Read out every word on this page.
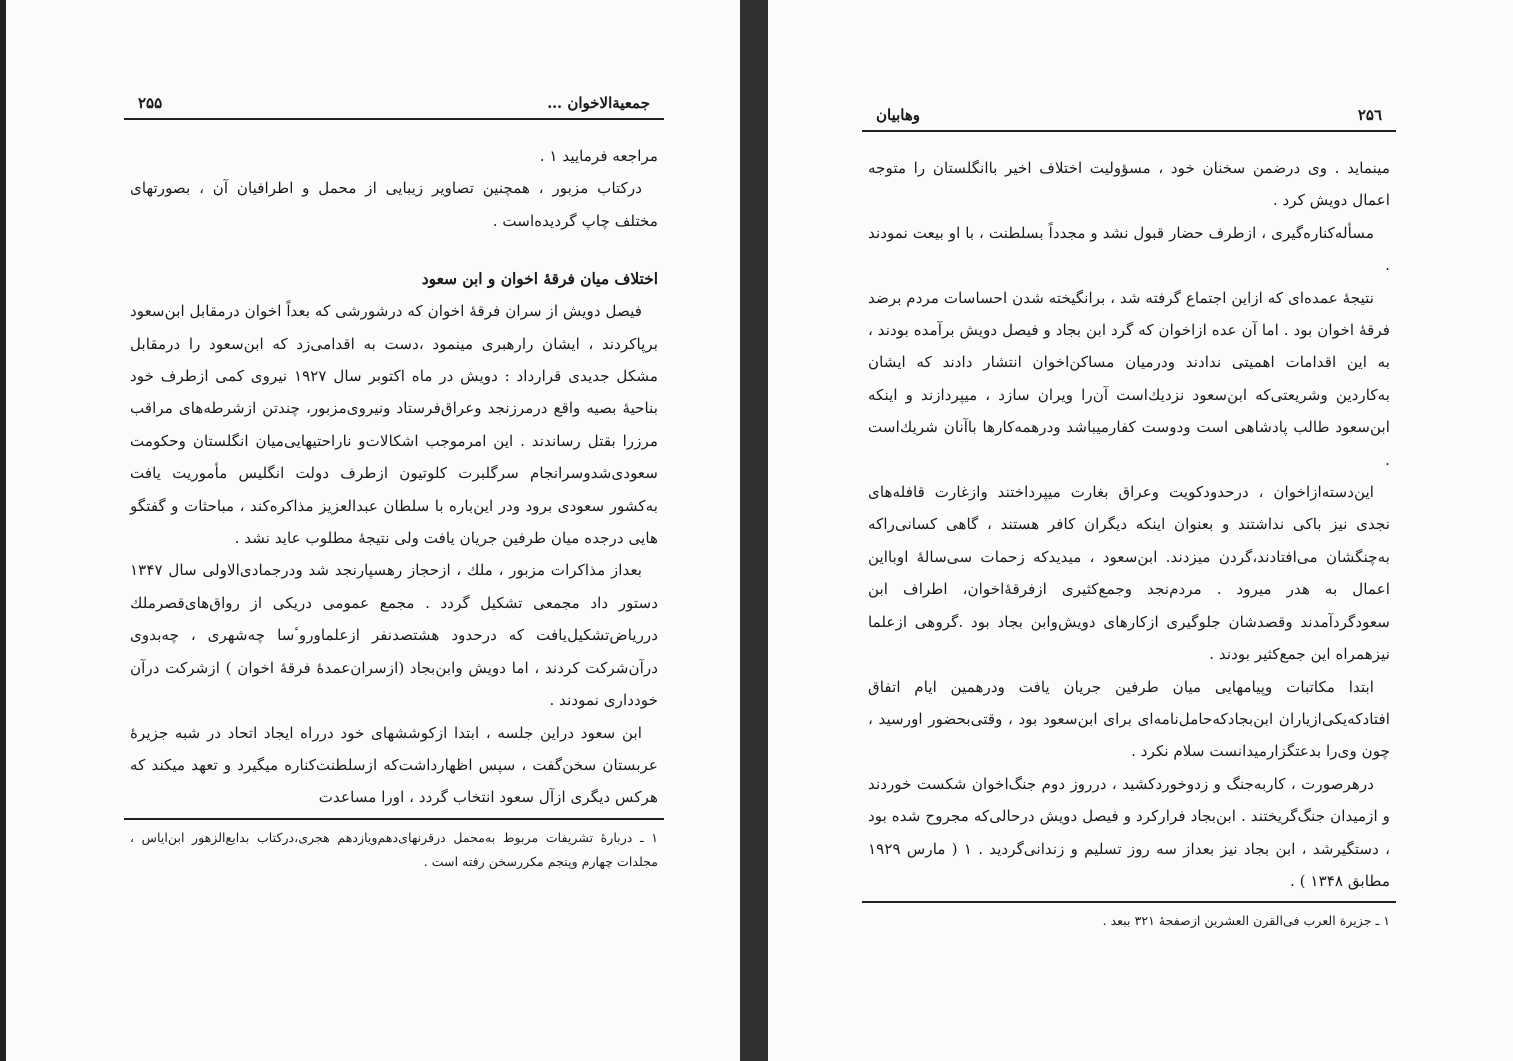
جمعیة‌الاخوان …
۲۵۵

مراجعه فرمایید ۱ .

درکتاب مزبور ، همچنین تصاویر زیبایی از محمل و اطرافیان آن ، بصورتهای مختلف چاپ گردیده‌است .

اختلاف میان فرقهٔ اخوان و ابن سعود

فیصل دویش از سران فرقهٔ اخوان که درشورشی که بعداً اخوان درمقابل ابن‌سعود برپاکردند ، ایشان رارهبری مینمود ،دست به اقدامی‌زد که ابن‌سعود را درمقابل مشکل جدیدی قرارداد : دویش در ماه اکتوبر سال ۱۹۲۷ نیروی کمی ازطرف خود بناحیهٔ بصیه واقع درمرزنجد وعراق‌فرستاد ونیروی‌مزبور، چندتن ازشرطه‌های مراقب مرزرا بقتل رساندند . این امرموجب اشکالات‌و ناراحتیهایی‌میان انگلستان وحکومت سعودی‌شدوسرانجام سرگلبرت کلوتیون ازطرف دولت انگلیس مأموریت یافت به‌کشور سعودی برود ودر این‌باره با سلطان عبدالعزیز مذاکره‌کند ، مباحثات و گفتگو هایی درجده میان طرفین جریان یافت ولی نتیجهٔ مطلوب عاید نشد .

بعداز مذاکرات مزبور ، ملك ، ازحجاز رهسپارنجد شد ودرجمادی‌الاولی سال ۱۳۴۷ دستور داد مجمعی تشکیل گردد . مجمع عمومی دریکی از رواق‌های‌قصرملك درریاض‌تشکیل‌یافت که درحدود هشتصدنفر ازعلماوروٴسا چه‌شهری ، چه‌بدوی درآن‌شرکت کردند ، اما دویش وابن‌بجاد (ازسران‌عمدهٔ فرقهٔ اخوان ) ازشرکت درآن خودداری نمودند .

ابن سعود دراین جلسه ، ابتدا ازکوششهای خود درراه ایجاد اتحاد در شبه جزیرهٔ عربستان سخن‌گفت ، سپس اظهارداشت‌که ازسلطنت‌کناره میگیرد و تعهد میکند که هرکس دیگری ازآل سعود انتخاب گردد ، اورا مساعدت

۱ ـ دربارهٔ تشریفات مربوط به‌محمل درقرنهای‌دهم‌ویازدهم هجری،درکتاب بدایع‌الزهور ابن‌ایاس ، مجلدات چهارم وپنجم مکررسخن رفته است .
۲۵٦
وهابیان

مینماید . وی درضمن سخنان خود ، مسؤولیت اختلاف اخیر باانگلستان را متوجه اعمال دویش کرد .

مسأله‌کناره‌گیری ، ازطرف حضار قبول نشد و مجدداً بسلطنت ، با او بیعت نمودند .

نتیجهٔ عمده‌ای که ازاین اجتماع گرفته شد ، برانگیخته شدن احساسات مردم برضد فرقهٔ اخوان بود . اما آن عده ازاخوان که گرد ابن بجاد و فیصل دویش برآمده بودند ، به این اقدامات اهمیتی ندادند ودرمیان مساکن‌اخوان انتشار دادند که ایشان به‌کاردین وشریعتی‌که ابن‌سعود نزدیك‌است آن‌را ویران سازد ، میپردازند و اینکه ابن‌سعود طالب پادشاهی است ودوست کفارمیباشد ودرهمه‌کارها باآنان شریك‌است .

این‌دسته‌ازاخوان ، درحدودکویت وعراق بغارت میپرداختند وازغارت قافله‌های نجدی نیز باکی نداشتند و بعنوان اینکه دیگران کافر هستند ، گاهی کسانی‌راکه به‌چنگشان می‌افتادند،گردن میزدند. ابن‌سعود ، میدیدکه زحمات سی‌سالهٔ اوبااین اعمال به هدر میرود . مردم‌نجد وجمع‌کثیری ازفرقهٔ‌اخوان، اطراف ابن سعودگردآمدند وقصدشان جلوگیری ازکارهای دویش‌وابن بجاد بود .گروهی ازعلما نیزهمراه این جمع‌کثیر بودند .

ابتدا مکاتبات وپیامهایی میان طرفین جریان یافت ودرهمین ایام اتفاق افتادکه‌یکی‌ازیاران ابن‌بجادکه‌حامل‌نامه‌ای برای ابن‌سعود بود ، وقتی‌بحضور اورسید ، چون وی‌را بدعتگزارمیدانست سلام نکرد .

درهرصورت ، کاربه‌جنگ و زدوخورد‌کشید ، درروز دوم جنگ‌اخوان شکست خوردند و ازمیدان جنگ‌گریختند . ابن‌بجاد فرارکرد و فیصل دویش درحالی‌که مجروح شده بود ، دستگیرشد ، ابن بجاد نیز بعداز سه روز تسلیم و زندانی‌گردید . ۱ ( مارس ۱۹۲۹ مطابق ۱۳۴۸ ) .

۱ ـ جزیرة العرب فی‌القرن العشرین ازصفحهٔ ۳۲۱ ببعد .
